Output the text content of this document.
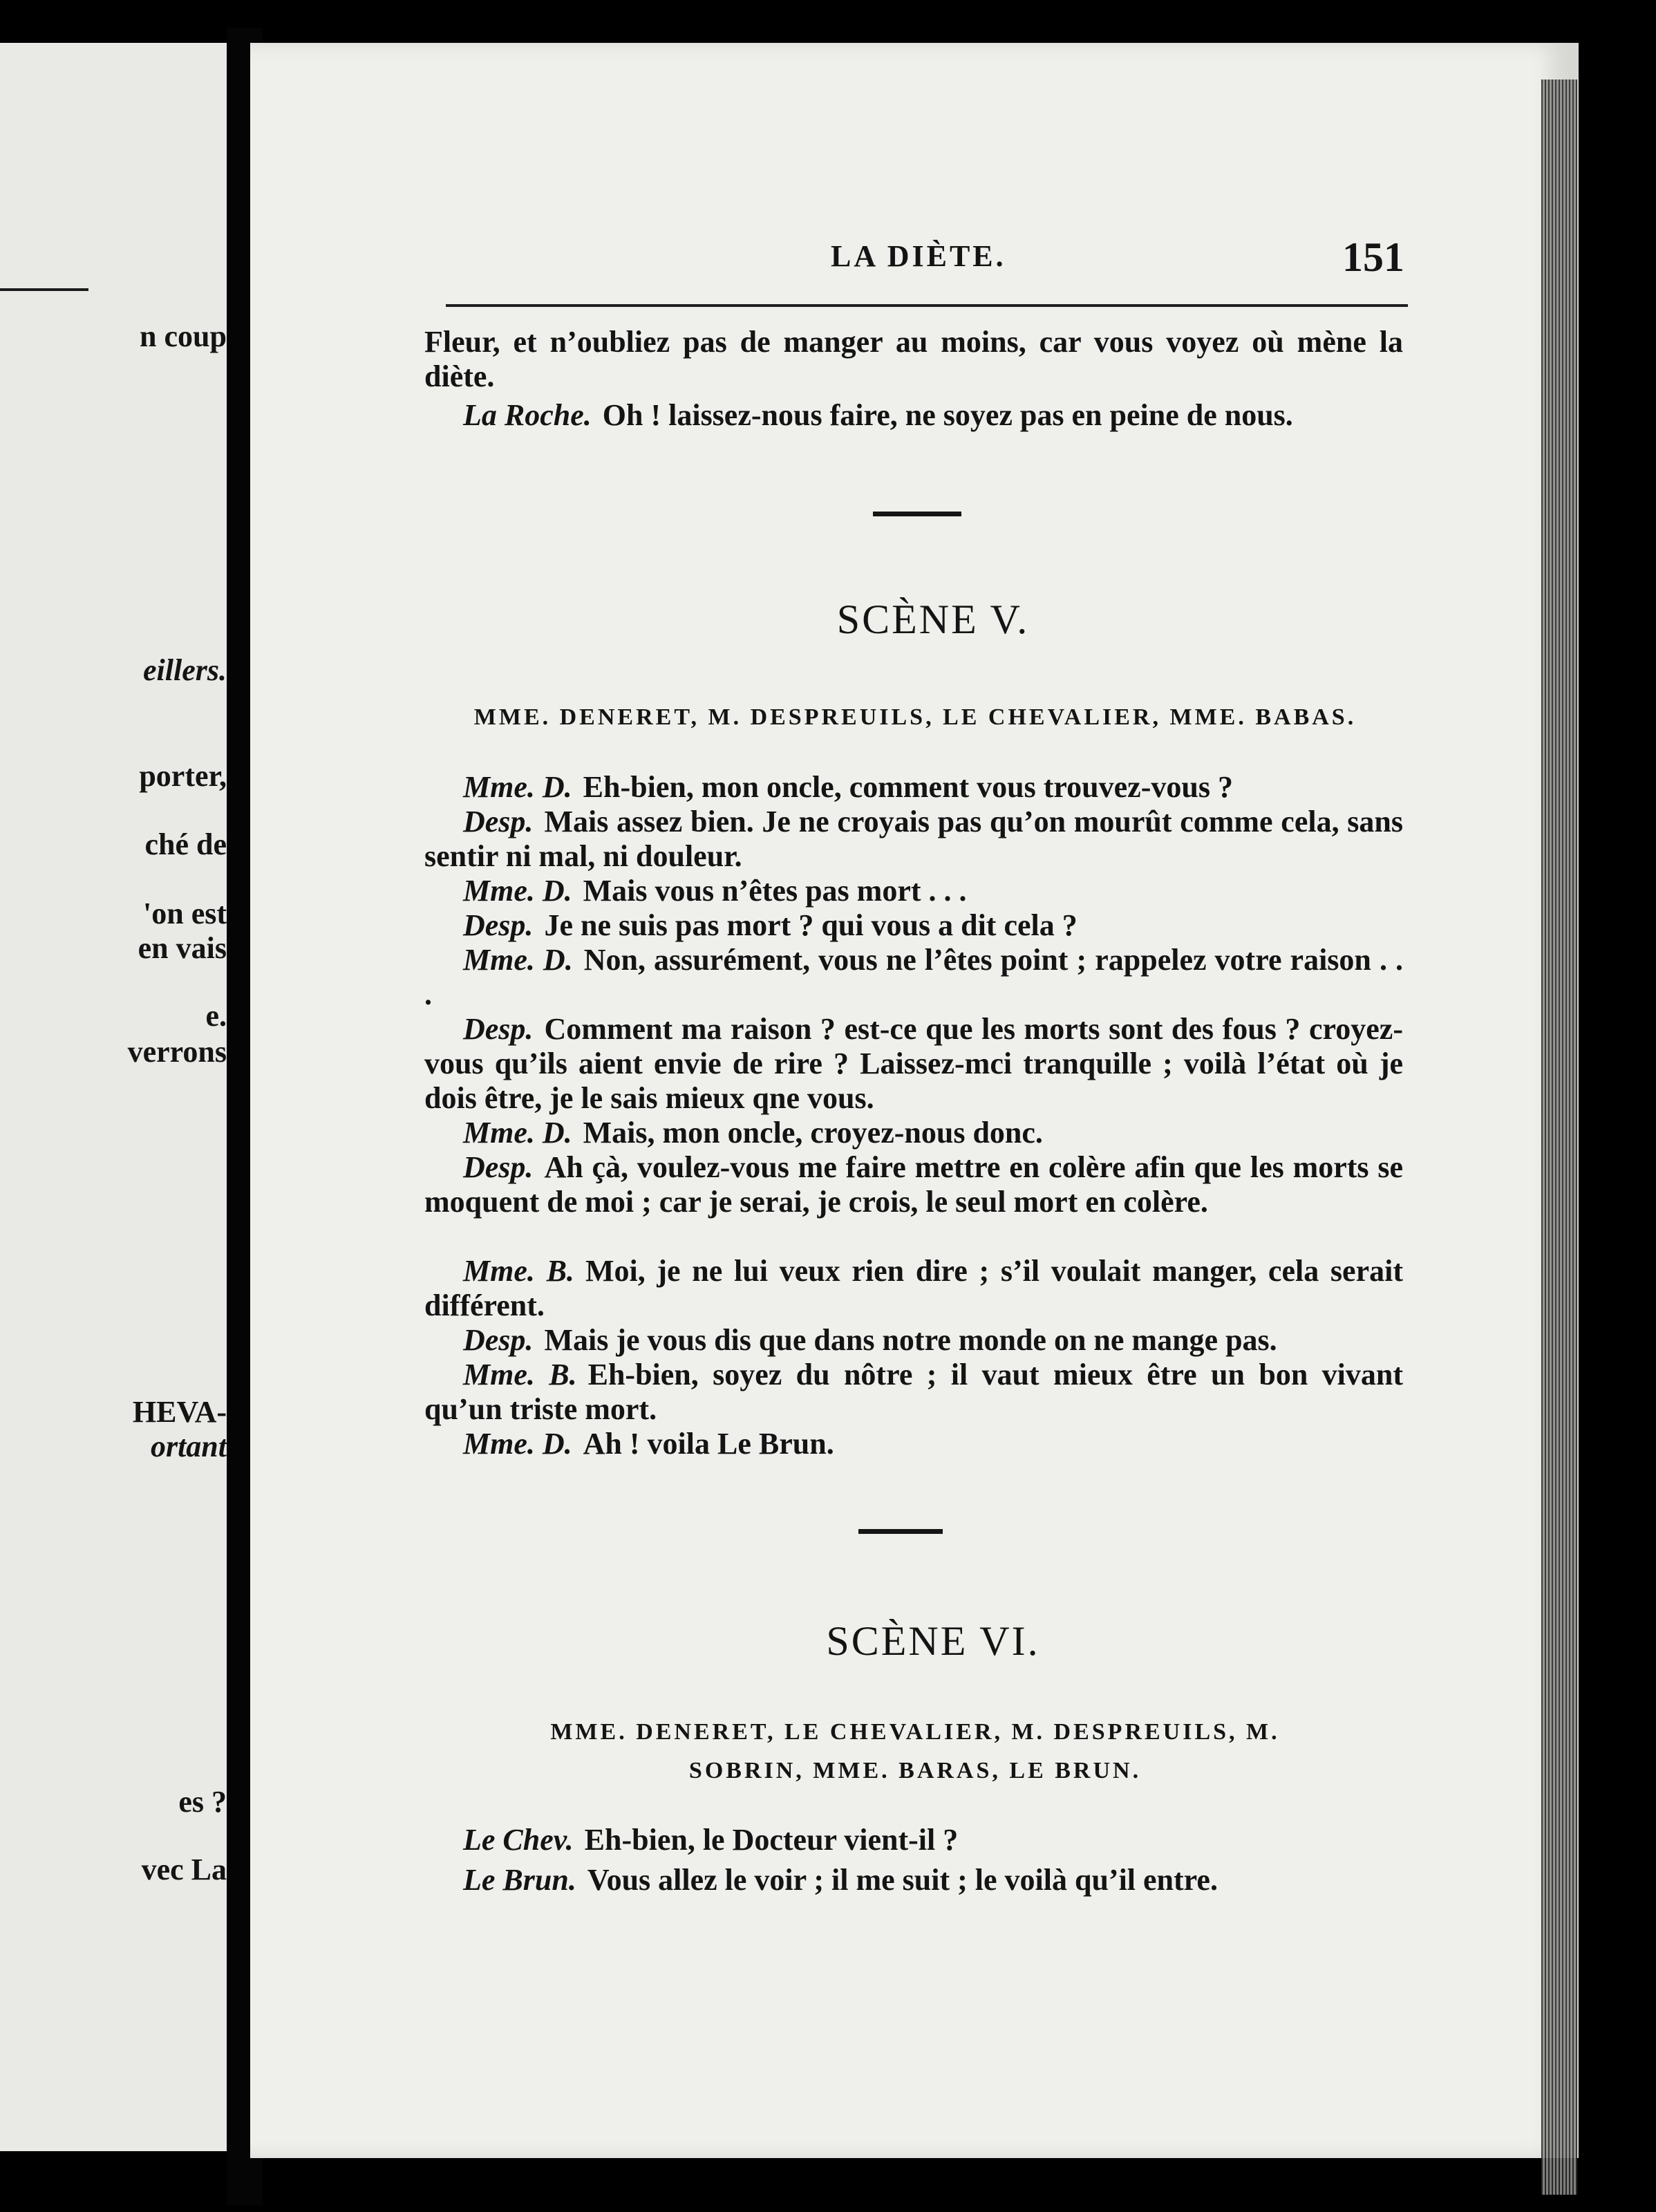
n coup
eillers.
porter,
ché de
'on est
en vais
e.
verrons
HEVA-
ortant
es ?
vec La
LA DIÈTE.	151
Fleur, et n’oubliez pas de manger au moins, car vous voyez où mène la diète.
La Roche. Oh ! laissez-nous faire, ne soyez pas en peine de nous.
SCÈNE V.
MME. DENERET, M. DESPREUILS, LE CHEVALIER, MME. BABAS.
Mme. D. Eh-bien, mon oncle, comment vous trouvez-vous ?
Desp. Mais assez bien. Je ne croyais pas qu’on mourût comme cela, sans sentir ni mal, ni douleur.
Mme. D. Mais vous n’êtes pas mort . . .
Desp. Je ne suis pas mort ? qui vous a dit cela ?
Mme. D. Non, assurément, vous ne l’êtes point ; rappelez votre raison . . .
Desp. Comment ma raison ? est-ce que les morts sont des fous ? croyez-vous qu’ils aient envie de rire ? Laissez-mci tranquille ; voilà l’état où je dois être, je le sais mieux qne vous.
Mme. D. Mais, mon oncle, croyez-nous donc.
Desp. Ah çà, voulez-vous me faire mettre en colère afin que les morts se moquent de moi ; car je serai, je crois, le seul mort en colère.
Mme. B. Moi, je ne lui veux rien dire ; s’il voulait manger, cela serait différent.
Desp. Mais je vous dis que dans notre monde on ne mange pas.
Mme. B. Eh-bien, soyez du nôtre ; il vaut mieux être un bon vivant qu’un triste mort.
Mme. D. Ah ! voila Le Brun.
SCÈNE VI.
MME. DENERET, LE CHEVALIER, M. DESPREUILS, M.
SOBRIN, MME. BARAS, LE BRUN.
Le Chev. Eh-bien, le Docteur vient-il ?
Le Brun. Vous allez le voir ; il me suit ; le voilà qu’il entre.
